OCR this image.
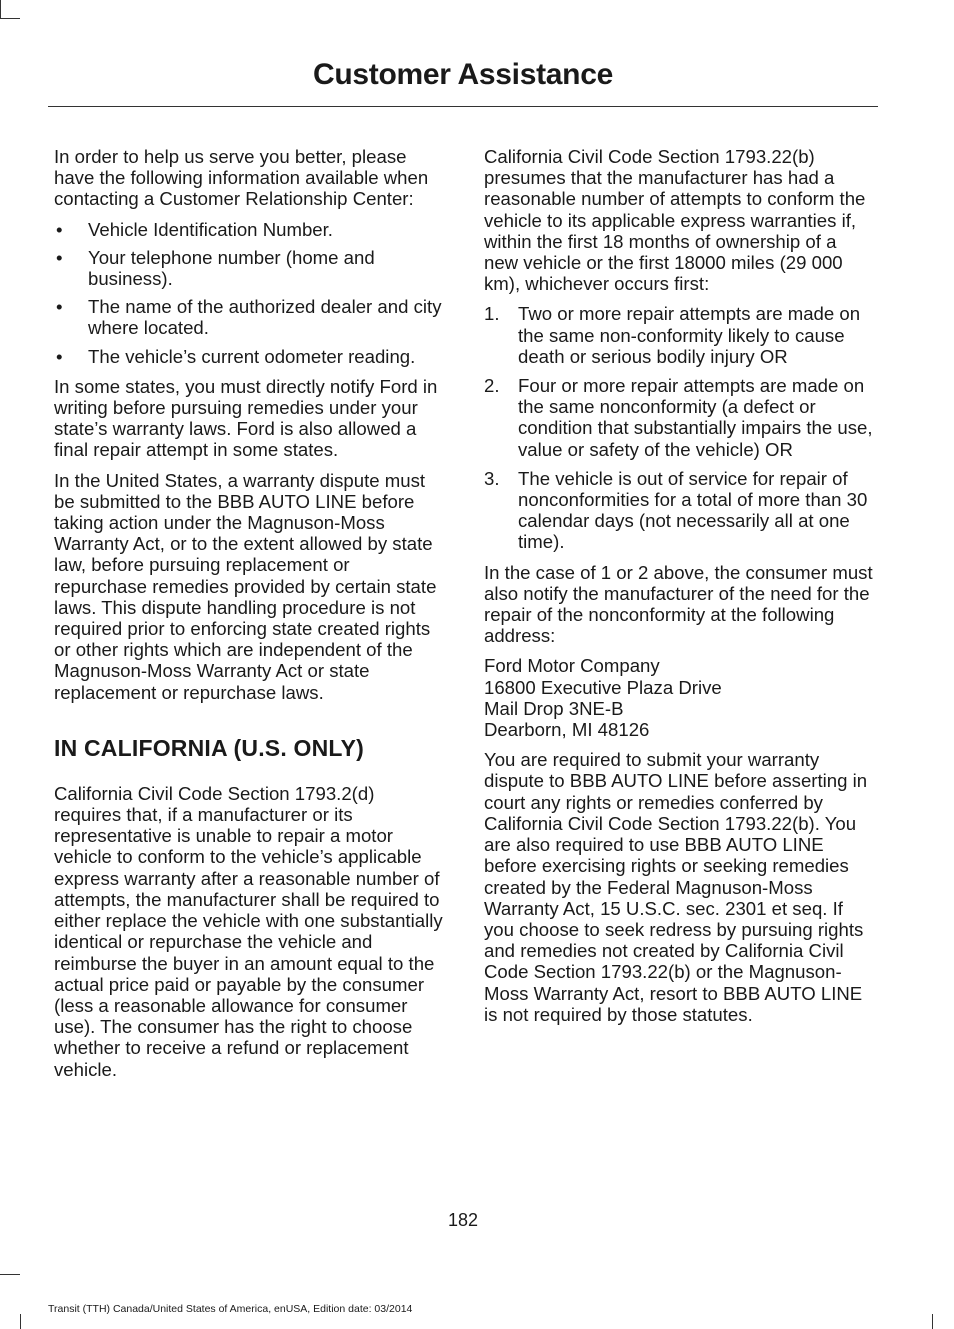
Customer Assistance

In order to help us serve you better, please have the following information available when contacting a Customer Relationship Center:

• Vehicle Identification Number.
• Your telephone number (home and business).
• The name of the authorized dealer and city where located.
• The vehicle’s current odometer reading.

In some states, you must directly notify Ford in writing before pursuing remedies under your state’s warranty laws. Ford is also allowed a final repair attempt in some states.

In the United States, a warranty dispute must be submitted to the BBB AUTO LINE before taking action under the Magnuson-Moss Warranty Act, or to the extent allowed by state law, before pursuing replacement or repurchase remedies provided by certain state laws. This dispute handling procedure is not required prior to enforcing state created rights or other rights which are independent of the Magnuson-Moss Warranty Act or state replacement or repurchase laws.

IN CALIFORNIA (U.S. ONLY)

California Civil Code Section 1793.2(d) requires that, if a manufacturer or its representative is unable to repair a motor vehicle to conform to the vehicle’s applicable express warranty after a reasonable number of attempts, the manufacturer shall be required to either replace the vehicle with one substantially identical or repurchase the vehicle and reimburse the buyer in an amount equal to the actual price paid or payable by the consumer (less a reasonable allowance for consumer use). The consumer has the right to choose whether to receive a refund or replacement vehicle.

California Civil Code Section 1793.22(b) presumes that the manufacturer has had a reasonable number of attempts to conform the vehicle to its applicable express warranties if, within the first 18 months of ownership of a new vehicle or the first 18000 miles (29 000 km), whichever occurs first:

1. Two or more repair attempts are made on the same non-conformity likely to cause death or serious bodily injury OR
2. Four or more repair attempts are made on the same nonconformity (a defect or condition that substantially impairs the use, value or safety of the vehicle) OR
3. The vehicle is out of service for repair of nonconformities for a total of more than 30 calendar days (not necessarily all at one time).

In the case of 1 or 2 above, the consumer must also notify the manufacturer of the need for the repair of the nonconformity at the following address:

Ford Motor Company
16800 Executive Plaza Drive
Mail Drop 3NE-B
Dearborn, MI 48126

You are required to submit your warranty dispute to BBB AUTO LINE before asserting in court any rights or remedies conferred by California Civil Code Section 1793.22(b). You are also required to use BBB AUTO LINE before exercising rights or seeking remedies created by the Federal Magnuson-Moss Warranty Act, 15 U.S.C. sec. 2301 et seq. If you choose to seek redress by pursuing rights and remedies not created by California Civil Code Section 1793.22(b) or the Magnuson-Moss Warranty Act, resort to BBB AUTO LINE is not required by those statutes.

182
Transit (TTH) Canada/United States of America, enUSA, Edition date: 03/2014
